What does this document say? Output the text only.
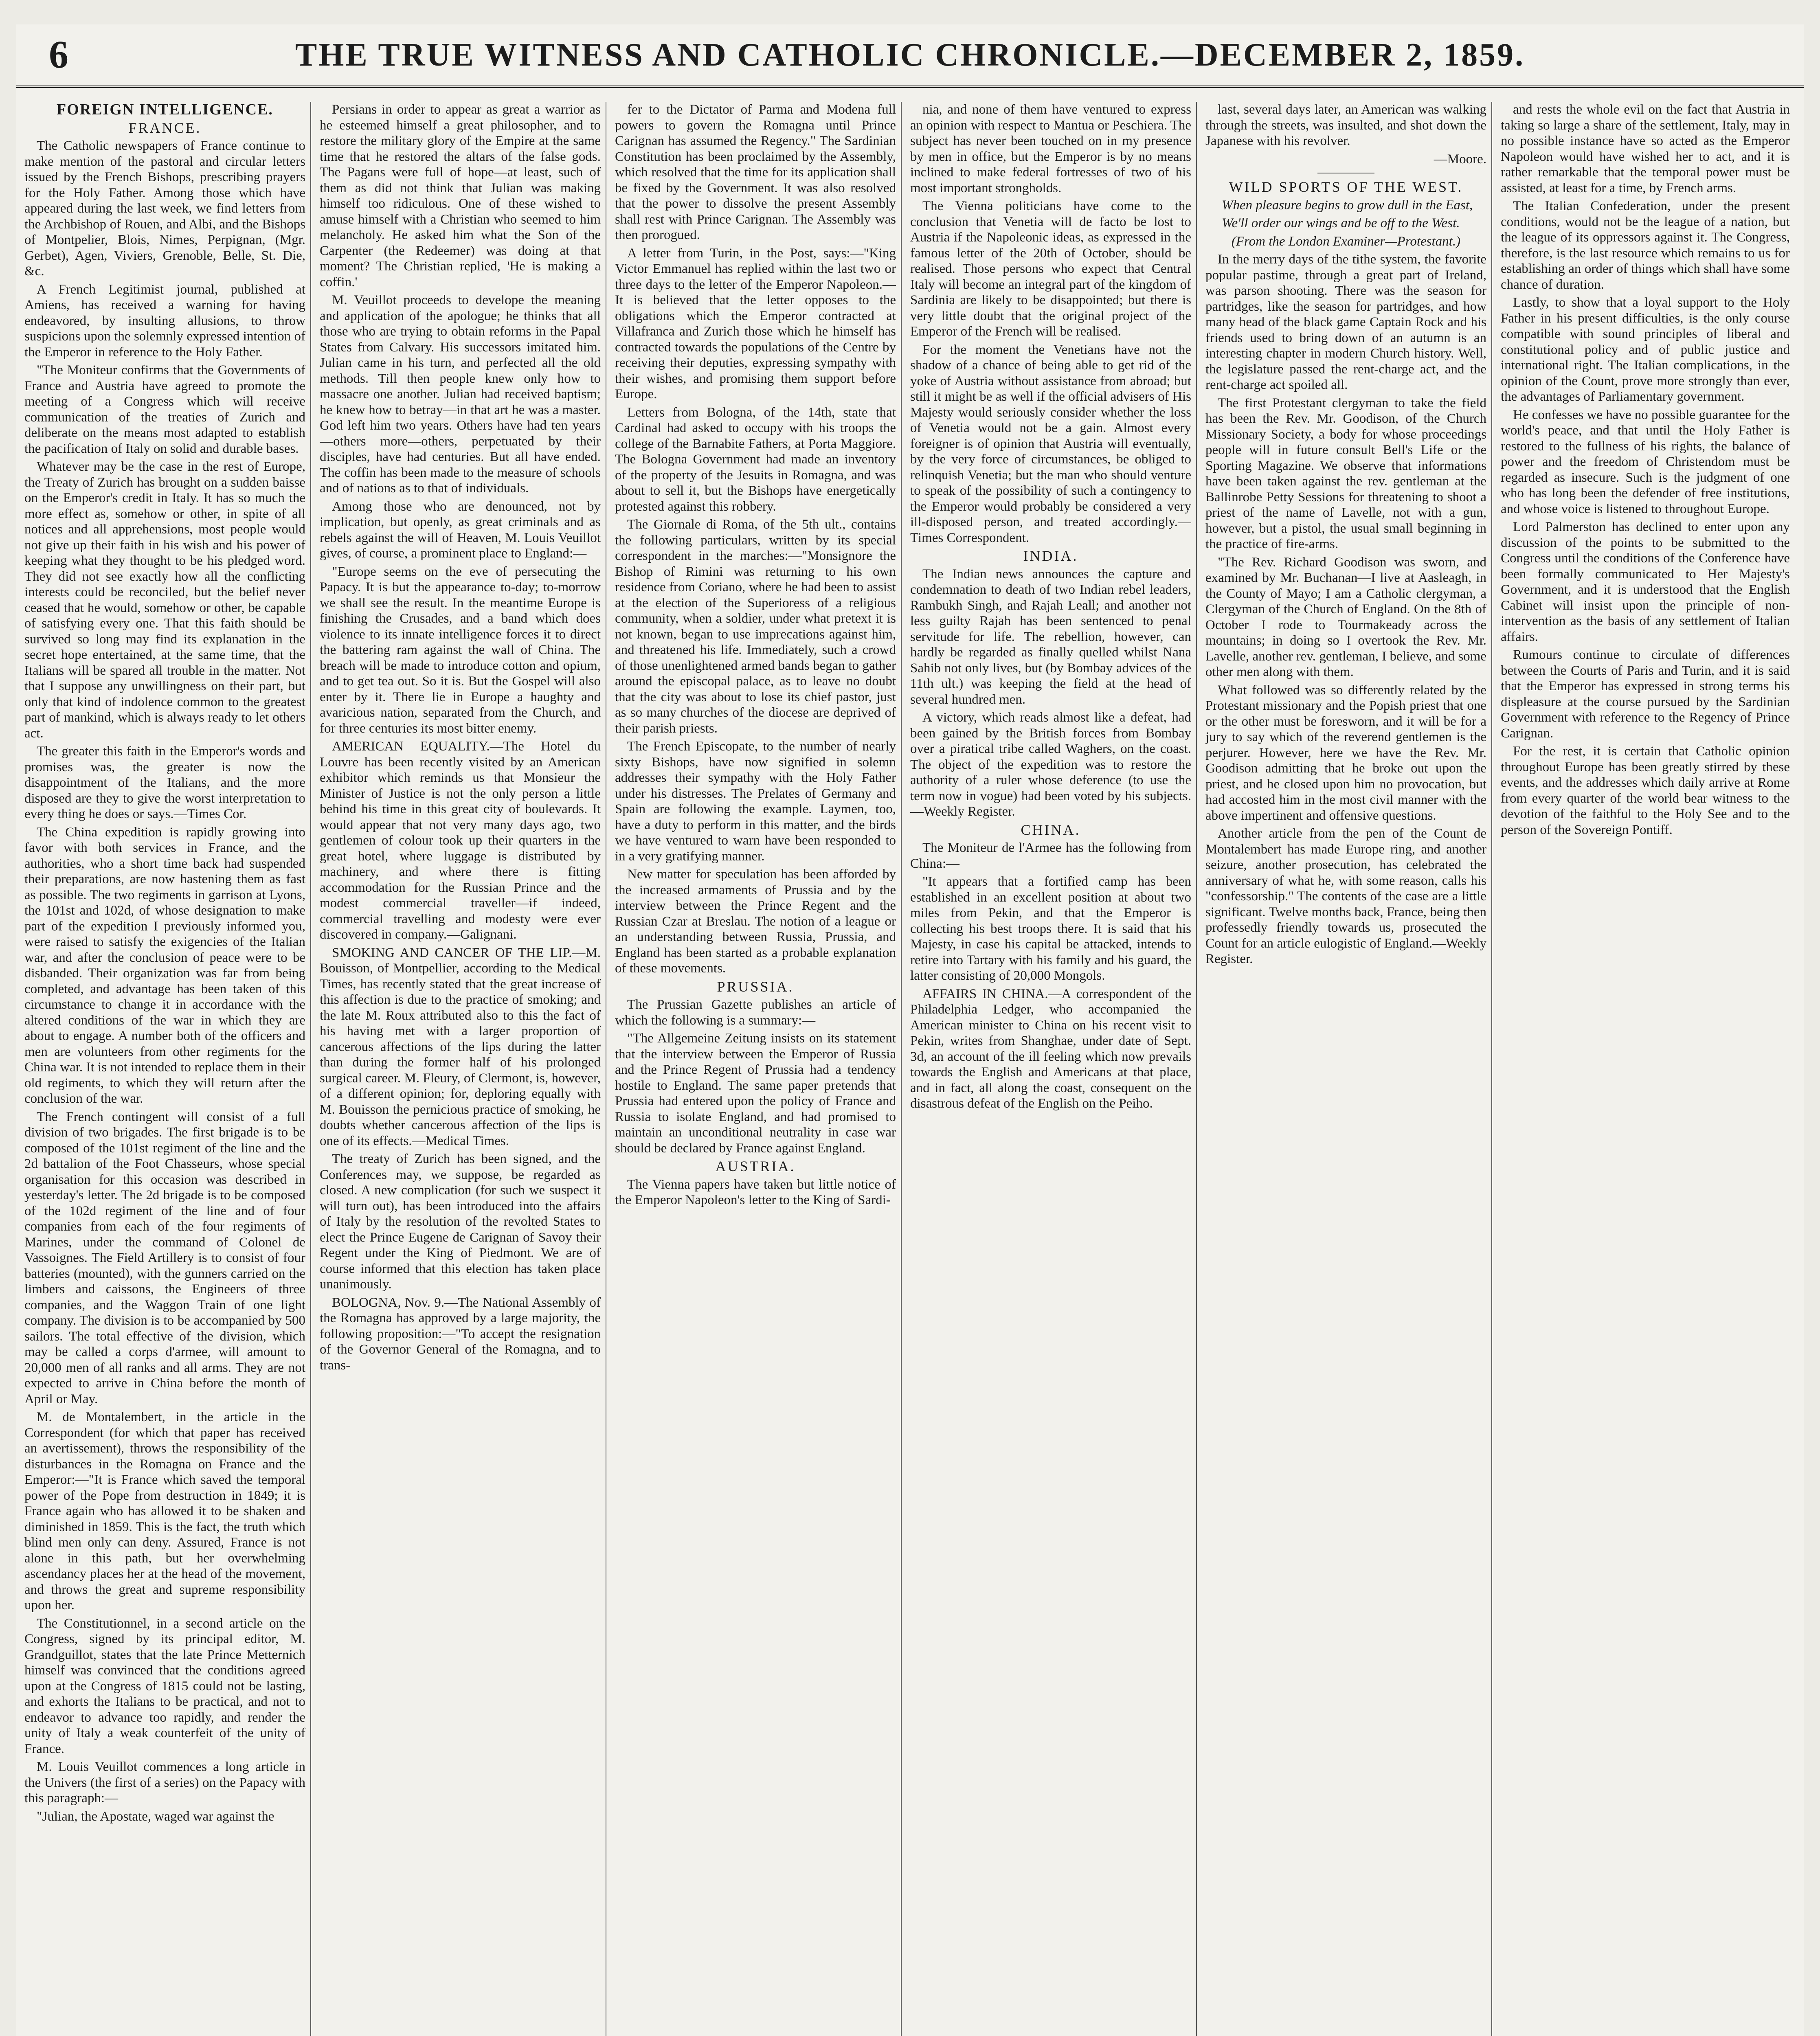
6	THE TRUE WITNESS AND CATHOLIC CHRONICLE.—DECEMBER 2, 1859.

FOREIGN INTELLIGENCE.

FRANCE.

The Catholic newspapers of France continue to make mention of the pastoral and circular letters issued by the French Bishops, prescribing prayers for the Holy Father. Among those which have appeared during the last week, we find letters from the Archbishop of Rouen, and Albi, and the Bishops of Montpelier, Blois, Nimes, Perpignan, (Mgr. Gerbet), Agen, Viviers, Grenoble, Belle, St. Die, &c.

A French Legitimist journal, published at Amiens, has received a warning for having endeavored, by insulting allusions, to throw suspicions upon the solemnly expressed intention of the Emperor in reference to the Holy Father.

"The Moniteur confirms that the Governments of France and Austria have agreed to promote the meeting of a Congress which will receive communication of the treaties of Zurich and deliberate on the means most adapted to establish the pacification of Italy on solid and durable bases.

Whatever may be the case in the rest of Europe, the Treaty of Zurich has brought on a sudden baisse on the Emperor's credit in Italy. It has so much the more effect as, somehow or other, in spite of all notices and all apprehensions, most people would not give up their faith in his wish and his power of keeping what they thought to be his pledged word. They did not see exactly how all the conflicting interests could be reconciled, but the belief never ceased that he would, somehow or other, be capable of satisfying every one. That this faith should be survived so long may find its explanation in the secret hope entertained, at the same time, that the Italians will be spared all trouble in the matter. Not that I suppose any unwillingness on their part, but only that kind of indolence common to the greatest part of mankind, which is always ready to let others act.

The greater this faith in the Emperor's words and promises was, the greater is now the disappointment of the Italians, and the more disposed are they to give the worst interpretation to every thing he does or says.—Times Cor.

The China expedition is rapidly growing into favor with both services in France, and the authorities, who a short time back had suspended their preparations, are now hastening them as fast as possible. The two regiments in garrison at Lyons, the 101st and 102d, of whose designation to make part of the expedition I previously informed you, were raised to satisfy the exigencies of the Italian war, and after the conclusion of peace were to be disbanded. Their organization was far from being completed, and advantage has been taken of this circumstance to change it in accordance with the altered conditions of the war in which they are about to engage. A number both of the officers and men are volunteers from other regiments for the China war. It is not intended to replace them in their old regiments, to which they will return after the conclusion of the war.

The French contingent will consist of a full division of two brigades. The first brigade is to be composed of the 101st regiment of the line and the 2d battalion of the Foot Chasseurs, whose special organisation for this occasion was described in yesterday's letter. The 2d brigade is to be composed of the 102d regiment of the line and of four companies from each of the four regiments of Marines, under the command of Colonel de Vassoignes. The Field Artillery is to consist of four batteries (mounted), with the gunners carried on the limbers and caissons, the Engineers of three companies, and the Waggon Train of one light company. The division is to be accompanied by 500 sailors. The total effective of the division, which may be called a corps d'armee, will amount to 20,000 men of all ranks and all arms. They are not expected to arrive in China before the month of April or May.

M. de Montalembert, in the article in the Correspondent (for which that paper has received an avertissement), throws the responsibility of the disturbances in the Romagna on France and the Emperor:—"It is France which saved the temporal power of the Pope from destruction in 1849; it is France again who has allowed it to be shaken and diminished in 1859. This is the fact, the truth which blind men only can deny. Assured, France is not alone in this path, but her overwhelming ascendancy places her at the head of the movement, and throws the great and supreme responsibility upon her.

The Constitutionnel, in a second article on the Congress, signed by its principal editor, M. Grandguillot, states that the late Prince Metternich himself was convinced that the conditions agreed upon at the Congress of 1815 could not be lasting, and exhorts the Italians to be practical, and not to endeavor to advance too rapidly, and render the unity of Italy a weak counterfeit of the unity of France.

M. Louis Veuillot commences a long article in the Univers (the first of a series) on the Papacy with this paragraph:—

"Julian, the Apostate, waged war against the

Persians in order to appear as great a warrior as he esteemed himself a great philosopher, and to restore the military glory of the Empire at the same time that he restored the altars of the false gods. The Pagans were full of hope—at least, such of them as did not think that Julian was making himself too ridiculous. One of these wished to amuse himself with a Christian who seemed to him melancholy. He asked him what the Son of the Carpenter (the Redeemer) was doing at that moment? The Christian replied, 'He is making a coffin.'

M. Veuillot proceeds to develope the meaning and application of the apologue; he thinks that all those who are trying to obtain reforms in the Papal States from Calvary. His successors imitated him. Julian came in his turn, and perfected all the old methods. Till then people knew only how to massacre one another. Julian had received baptism; he knew how to betray—in that art he was a master. God left him two years. Others have had ten years—others more—others, perpetuated by their disciples, have had centuries. But all have ended. The coffin has been made to the measure of schools and of nations as to that of individuals.

Among those who are denounced, not by implication, but openly, as great criminals and as rebels against the will of Heaven, M. Louis Veuillot gives, of course, a prominent place to England:—

"Europe seems on the eve of persecuting the Papacy. It is but the appearance to-day; to-morrow we shall see the result. In the meantime Europe is finishing the Crusades, and a band which does violence to its innate intelligence forces it to direct the battering ram against the wall of China. The breach will be made to introduce cotton and opium, and to get tea out. So it is. But the Gospel will also enter by it. There lie in Europe a haughty and avaricious nation, separated from the Church, and for three centuries its most bitter enemy.

AMERICAN EQUALITY.—The Hotel du Louvre has been recently visited by an American exhibitor which reminds us that Monsieur the Minister of Justice is not the only person a little behind his time in this great city of boulevards. It would appear that not very many days ago, two gentlemen of colour took up their quarters in the great hotel, where luggage is distributed by machinery, and where there is fitting accommodation for the Russian Prince and the modest commercial traveller—if indeed, commercial travelling and modesty were ever discovered in company.—Galignani.

SMOKING AND CANCER OF THE LIP.—M. Bouisson, of Montpellier, according to the Medical Times, has recently stated that the great increase of this affection is due to the practice of smoking; and the late M. Roux attributed also to this the fact of his having met with a larger proportion of cancerous affections of the lips during the latter than during the former half of his prolonged surgical career. M. Fleury, of Clermont, is, however, of a different opinion; for, deploring equally with M. Bouisson the pernicious practice of smoking, he doubts whether cancerous affection of the lips is one of its effects.—Medical Times.

The treaty of Zurich has been signed, and the Conferences may, we suppose, be regarded as closed. A new complication (for such we suspect it will turn out), has been introduced into the affairs of Italy by the resolution of the revolted States to elect the Prince Eugene de Carignan of Savoy their Regent under the King of Piedmont. We are of course informed that this election has taken place unanimously.

BOLOGNA, Nov. 9.—The National Assembly of the Romagna has approved by a large majority, the following proposition:—"To accept the resignation of the Governor General of the Romagna, and to trans-

fer to the Dictator of Parma and Modena full powers to govern the Romagna until Prince Carignan has assumed the Regency." The Sardinian Constitution has been proclaimed by the Assembly, which resolved that the time for its application shall be fixed by the Government. It was also resolved that the power to dissolve the present Assembly shall rest with Prince Carignan. The Assembly was then prorogued.

A letter from Turin, in the Post, says:—"King Victor Emmanuel has replied within the last two or three days to the letter of the Emperor Napoleon.—It is believed that the letter opposes to the obligations which the Emperor contracted at Villafranca and Zurich those which he himself has contracted towards the populations of the Centre by receiving their deputies, expressing sympathy with their wishes, and promising them support before Europe.

Letters from Bologna, of the 14th, state that Cardinal had asked to occupy with his troops the college of the Barnabite Fathers, at Porta Maggiore. The Bologna Government had made an inventory of the property of the Jesuits in Romagna, and was about to sell it, but the Bishops have energetically protested against this robbery.

The Giornale di Roma, of the 5th ult., contains the following particulars, written by its special correspondent in the marches:—"Monsignore the Bishop of Rimini was returning to his own residence from Coriano, where he had been to assist at the election of the Superioress of a religious community, when a soldier, under what pretext it is not known, began to use imprecations against him, and threatened his life. Immediately, such a crowd of those unenlightened armed bands began to gather around the episcopal palace, as to leave no doubt that the city was about to lose its chief pastor, just as so many churches of the diocese are deprived of their parish priests.

The French Episcopate, to the number of nearly sixty Bishops, have now signified in solemn addresses their sympathy with the Holy Father under his distresses. The Prelates of Germany and Spain are following the example. Laymen, too, have a duty to perform in this matter, and the birds we have ventured to warn have been responded to in a very gratifying manner.

New matter for speculation has been afforded by the increased armaments of Prussia and by the interview between the Prince Regent and the Russian Czar at Breslau. The notion of a league or an understanding between Russia, Prussia, and England has been started as a probable explanation of these movements.

PRUSSIA.

The Prussian Gazette publishes an article of which the following is a summary:—

"The Allgemeine Zeitung insists on its statement that the interview between the Emperor of Russia and the Prince Regent of Prussia had a tendency hostile to England. The same paper pretends that Prussia had entered upon the policy of France and Russia to isolate England, and had promised to maintain an unconditional neutrality in case war should be declared by France against England.

AUSTRIA.

The Vienna papers have taken but little notice of the Emperor Napoleon's letter to the King of Sardi-

nia, and none of them have ventured to express an opinion with respect to Mantua or Peschiera. The subject has never been touched on in my presence by men in office, but the Emperor is by no means inclined to make federal fortresses of two of his most important strongholds.

The Vienna politicians have come to the conclusion that Venetia will de facto be lost to Austria if the Napoleonic ideas, as expressed in the famous letter of the 20th of October, should be realised. Those persons who expect that Central Italy will become an integral part of the kingdom of Sardinia are likely to be disappointed; but there is very little doubt that the original project of the Emperor of the French will be realised.

For the moment the Venetians have not the shadow of a chance of being able to get rid of the yoke of Austria without assistance from abroad; but still it might be as well if the official advisers of His Majesty would seriously consider whether the loss of Venetia would not be a gain. Almost every foreigner is of opinion that Austria will eventually, by the very force of circumstances, be obliged to relinquish Venetia; but the man who should venture to speak of the possibility of such a contingency to the Emperor would probably be considered a very ill-disposed person, and treated accordingly.—Times Correspondent.

INDIA.

The Indian news announces the capture and condemnation to death of two Indian rebel leaders, Rambukh Singh, and Rajah Leall; and another not less guilty Rajah has been sentenced to penal servitude for life. The rebellion, however, can hardly be regarded as finally quelled whilst Nana Sahib not only lives, but (by Bombay advices of the 11th ult.) was keeping the field at the head of several hundred men.

A victory, which reads almost like a defeat, had been gained by the British forces from Bombay over a piratical tribe called Waghers, on the coast. The object of the expedition was to restore the authority of a ruler whose deference (to use the term now in vogue) had been voted by his subjects.—Weekly Register.

CHINA.

The Moniteur de l'Armee has the following from China:—

"It appears that a fortified camp has been established in an excellent position at about two miles from Pekin, and that the Emperor is collecting his best troops there. It is said that his Majesty, in case his capital be attacked, intends to retire into Tartary with his family and his guard, the latter consisting of 20,000 Mongols.

AFFAIRS IN CHINA.—A correspondent of the Philadelphia Ledger, who accompanied the American minister to China on his recent visit to Pekin, writes from Shanghae, under date of Sept. 3d, an account of the ill feeling which now prevails towards the English and Americans at that place, and in fact, all along the coast, consequent on the disastrous defeat of the English on the Peiho.

last, several days later, an American was walking through the streets, was insulted, and shot down the Japanese with his revolver.

—Moore.

WILD SPORTS OF THE WEST.

When pleasure begins to grow dull in the East,

We'll order our wings and be off to the West.

(From the London Examiner—Protestant.)

In the merry days of the tithe system, the favorite popular pastime, through a great part of Ireland, was parson shooting. There was the season for partridges, like the season for partridges, and how many head of the black game Captain Rock and his friends used to bring down of an autumn is an interesting chapter in modern Church history. Well, the legislature passed the rent-charge act, and the rent-charge act spoiled all.

The first Protestant clergyman to take the field has been the Rev. Mr. Goodison, of the Church Missionary Society, a body for whose proceedings people will in future consult Bell's Life or the Sporting Magazine. We observe that informations have been taken against the rev. gentleman at the Ballinrobe Petty Sessions for threatening to shoot a priest of the name of Lavelle, not with a gun, however, but a pistol, the usual small beginning in the practice of fire-arms.

"The Rev. Richard Goodison was sworn, and examined by Mr. Buchanan—I live at Aasleagh, in the County of Mayo; I am a Catholic clergyman, a Clergyman of the Church of England. On the 8th of October I rode to Tourmakeady across the mountains; in doing so I overtook the Rev. Mr. Lavelle, another rev. gentleman, I believe, and some other men along with them.

What followed was so differently related by the Protestant missionary and the Popish priest that one or the other must be foresworn, and it will be for a jury to say which of the reverend gentlemen is the perjurer. However, here we have the Rev. Mr. Goodison admitting that he broke out upon the priest, and he closed upon him no provocation, but had accosted him in the most civil manner with the above impertinent and offensive questions.

Another article from the pen of the Count de Montalembert has made Europe ring, and another seizure, another prosecution, has celebrated the anniversary of what he, with some reason, calls his "confessorship." The contents of the case are a little significant. Twelve months back, France, being then professedly friendly towards us, prosecuted the Count for an article eulogistic of England.—Weekly Register.

and rests the whole evil on the fact that Austria in taking so large a share of the settlement, Italy, may in no possible instance have so acted as the Emperor Napoleon would have wished her to act, and it is rather remarkable that the temporal power must be assisted, at least for a time, by French arms.

The Italian Confederation, under the present conditions, would not be the league of a nation, but the league of its oppressors against it. The Congress, therefore, is the last resource which remains to us for establishing an order of things which shall have some chance of duration.

Lastly, to show that a loyal support to the Holy Father in his present difficulties, is the only course compatible with sound principles of liberal and constitutional policy and of public justice and international right. The Italian complications, in the opinion of the Count, prove more strongly than ever, the advantages of Parliamentary government.

He confesses we have no possible guarantee for the world's peace, and that until the Holy Father is restored to the fullness of his rights, the balance of power and the freedom of Christendom must be regarded as insecure. Such is the judgment of one who has long been the defender of free institutions, and whose voice is listened to throughout Europe.

Lord Palmerston has declined to enter upon any discussion of the points to be submitted to the Congress until the conditions of the Conference have been formally communicated to Her Majesty's Government, and it is understood that the English Cabinet will insist upon the principle of non-intervention as the basis of any settlement of Italian affairs.

Rumours continue to circulate of differences between the Courts of Paris and Turin, and it is said that the Emperor has expressed in strong terms his displeasure at the course pursued by the Sardinian Government with reference to the Regency of Prince Carignan.

For the rest, it is certain that Catholic opinion throughout Europe has been greatly stirred by these events, and the addresses which daily arrive at Rome from every quarter of the world bear witness to the devotion of the faithful to the Holy See and to the person of the Sovereign Pontiff.
